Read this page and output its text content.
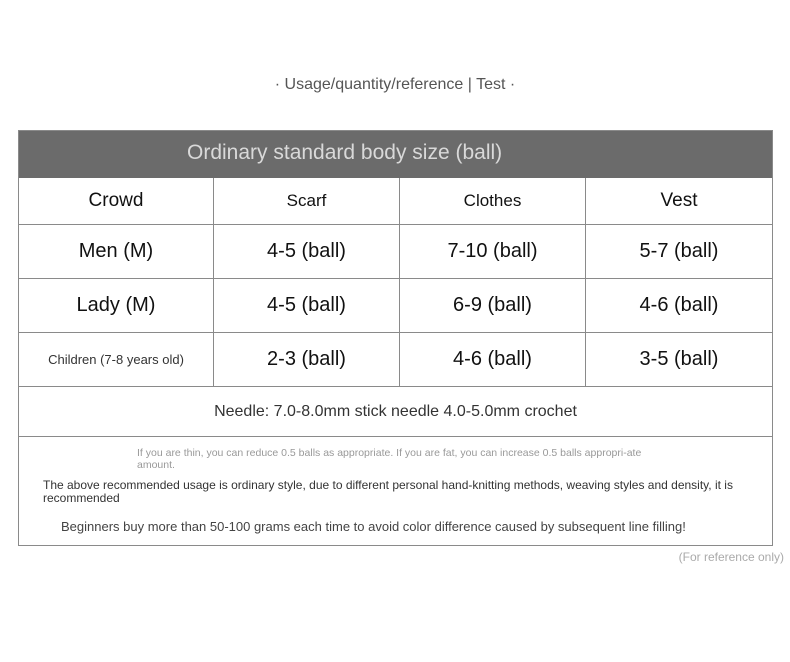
· Usage/quantity/reference | Test ·
Ordinary standard body size (ball)
Crowd	Scarf	Clothes	Vest
Men (M)	4-5 (ball)	7-10 (ball)	5-7 (ball)
Lady (M)	4-5 (ball)	6-9 (ball)	4-6 (ball)
Children (7-8 years old)	2-3 (ball)	4-6 (ball)	3-5 (ball)
Needle: 7.0-8.0mm stick needle 4.0-5.0mm crochet
If you are thin, you can reduce 0.5 balls as appropriate. If you are fat, you can increase 0.5 balls appropri-ate amount.
The above recommended usage is ordinary style, due to different personal hand-knitting methods, weaving styles and density, it is recommended
Beginners buy more than 50-100 grams each time to avoid color difference caused by subsequent line filling!
(For reference only)
